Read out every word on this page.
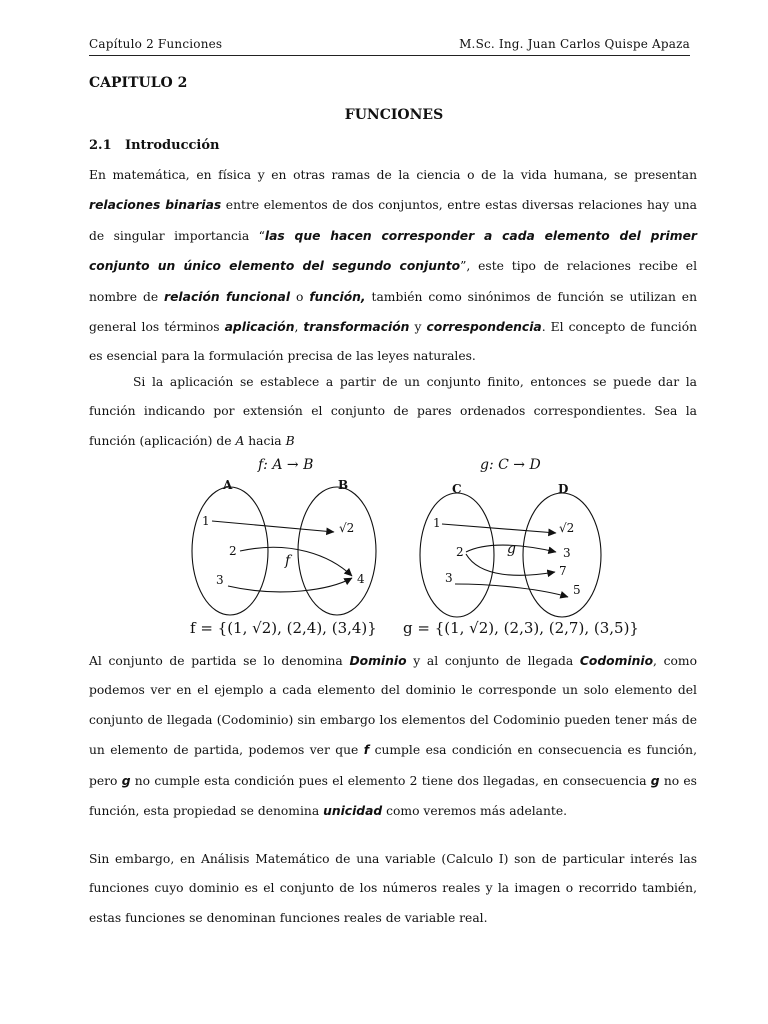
Capítulo 2 Funciones	M.Sc. Ing. Juan Carlos Quispe Apaza
CAPITULO 2
FUNCIONES
2.1 Introducción

En matemática, en física y en otras ramas de la ciencia o de la vida humana, se presentan relaciones binarias entre elementos de dos conjuntos, entre estas diversas relaciones hay una de singular importancia “las que hacen corresponder a cada elemento del primer conjunto un único elemento del segundo conjunto”, este tipo de relaciones recibe el nombre de relación funcional o función, también como sinónimos de función se utilizan en general los términos aplicación, transformación y correspondencia. El concepto de función es esencial para la formulación precisa de las leyes naturales.

Si la aplicación se establece a partir de un conjunto finito, entonces se puede dar la función indicando por extensión el conjunto de pares ordenados correspondientes. Sea la función (aplicación) de A hacia B

f: A → B
A	B
1
2
3
√2
4
f
f = {(1, √2), (2,4), (3,4)}
g: C → D
C	D
1
2
3
√2
3
7
5
g
g = {(1, √2), (2,3), (2,7), (3,5)}

Al conjunto de partida se lo denomina Dominio y al conjunto de llegada Codominio, como podemos ver en el ejemplo a cada elemento del dominio le corresponde un solo elemento del conjunto de llegada (Codominio) sin embargo los elementos del Codominio pueden tener más de un elemento de partida, podemos ver que f cumple esa condición en consecuencia es función, pero g no cumple esta condición pues el elemento 2 tiene dos llegadas, en consecuencia g no es función, esta propiedad se denomina unicidad como veremos más adelante.

Sin embargo, en Análisis Matemático de una variable (Calculo I) son de particular interés las funciones cuyo dominio es el conjunto de los números reales y la imagen o recorrido también, estas funciones se denominan funciones reales de variable real.
